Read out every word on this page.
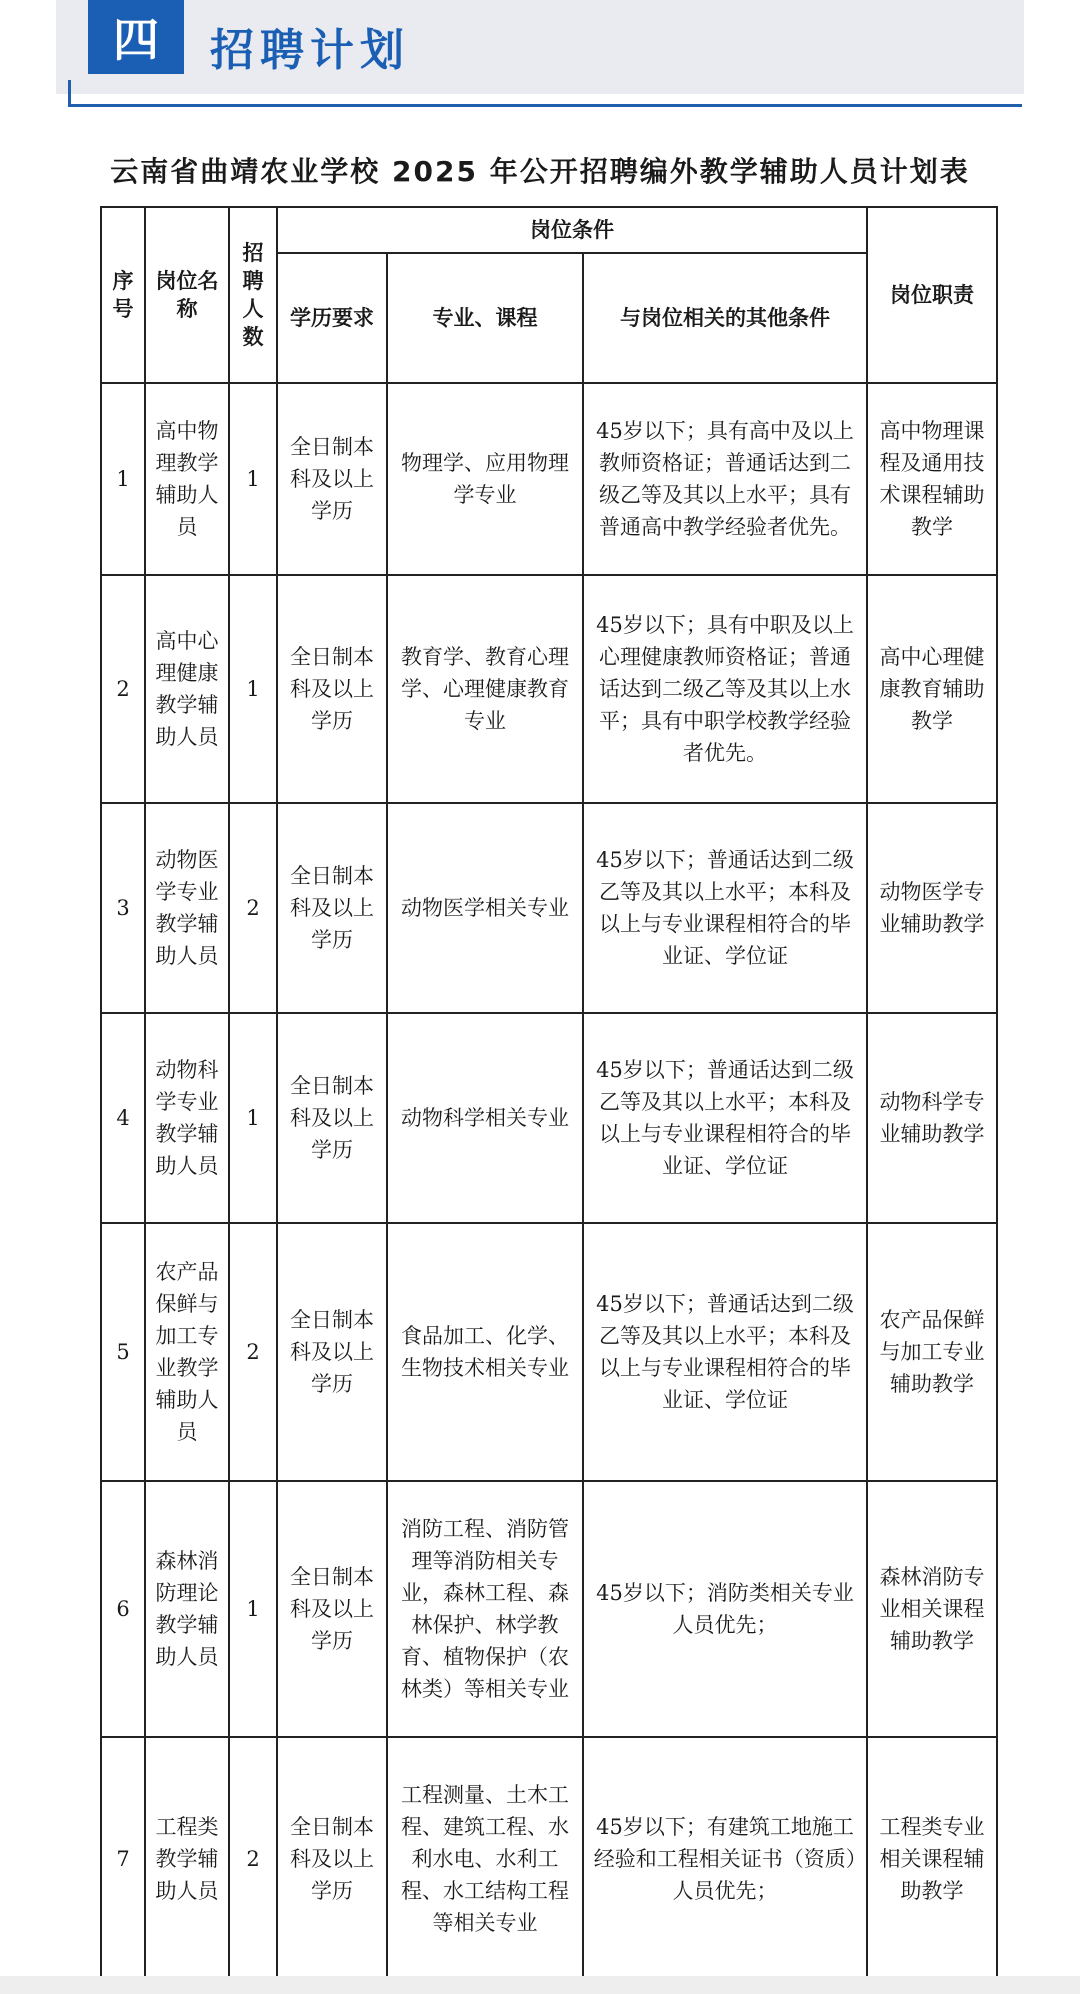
四	招聘计划
云南省曲靖农业学校 2025 年公开招聘编外教学辅助人员计划表
序号	岗位名称	招聘人数	岗位条件			岗位职责
			学历要求	专业、课程	与岗位相关的其他条件	
1	高中物理教学辅助人员	1	全日制本科及以上学历	物理学、应用物理学专业	45岁以下；具有高中及以上教师资格证；普通话达到二级乙等及其以上水平；具有普通高中教学经验者优先。	高中物理课程及通用技术课程辅助教学
2	高中心理健康教学辅助人员	1	全日制本科及以上学历	教育学、教育心理学、心理健康教育专业	45岁以下；具有中职及以上心理健康教师资格证；普通话达到二级乙等及其以上水平；具有中职学校教学经验者优先。	高中心理健康教育辅助教学
3	动物医学专业教学辅助人员	2	全日制本科及以上学历	动物医学相关专业	45岁以下；普通话达到二级乙等及其以上水平；本科及以上与专业课程相符合的毕业证、学位证	动物医学专业辅助教学
4	动物科学专业教学辅助人员	1	全日制本科及以上学历	动物科学相关专业	45岁以下；普通话达到二级乙等及其以上水平；本科及以上与专业课程相符合的毕业证、学位证	动物科学专业辅助教学
5	农产品保鲜与加工专业教学辅助人员	2	全日制本科及以上学历	食品加工、化学、生物技术相关专业	45岁以下；普通话达到二级乙等及其以上水平；本科及以上与专业课程相符合的毕业证、学位证	农产品保鲜与加工专业辅助教学
6	森林消防理论教学辅助人员	1	全日制本科及以上学历	消防工程、消防管理等消防相关专业，森林工程、森林保护、林学教育、植物保护（农林类）等相关专业	45岁以下；消防类相关专业人员优先；	森林消防专业相关课程辅助教学
7	工程类教学辅助人员	2	全日制本科及以上学历	工程测量、土木工程、建筑工程、水利水电、水利工程、水工结构工程等相关专业	45岁以下；有建筑工地施工经验和工程相关证书（资质）人员优先；	工程类专业相关课程辅助教学
